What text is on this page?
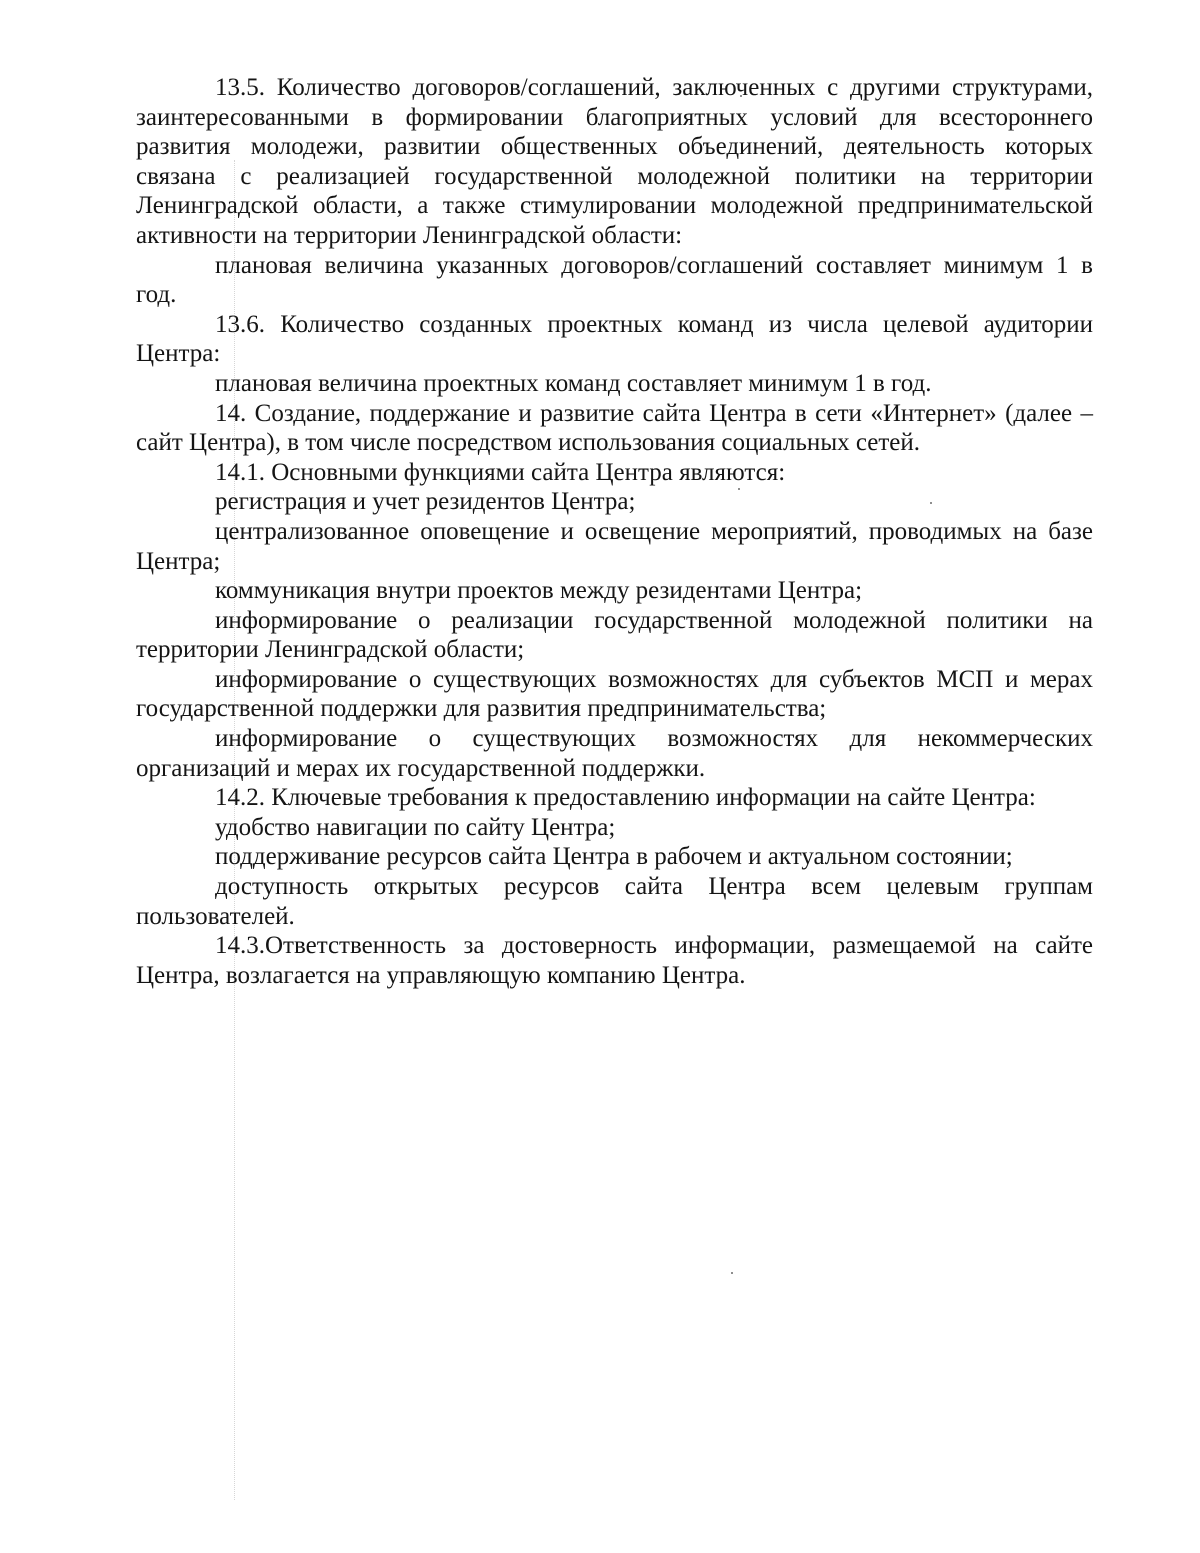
13.5. Количество договоров/соглашений, заключенных с другими структурами, заинтересованными в формировании благоприятных условий для всестороннего развития молодежи, развитии общественных объединений, деятельность которых связана с реализацией государственной молодежной политики на территории Ленинградской области, а также стимулировании молодежной предпринимательской активности на территории Ленинградской области:

плановая величина указанных договоров/соглашений составляет минимум 1 в год.

13.6. Количество созданных проектных команд из числа целевой аудитории Центра:

плановая величина проектных команд составляет минимум 1 в год.

14. Создание, поддержание и развитие сайта Центра в сети «Интернет» (далее – сайт Центра), в том числе посредством использования социальных сетей.

14.1. Основными функциями сайта Центра являются:

регистрация и учет резидентов Центра;

централизованное оповещение и освещение мероприятий, проводимых на базе Центра;

коммуникация внутри проектов между резидентами Центра;

информирование о реализации государственной молодежной политики на территории Ленинградской области;

информирование о существующих возможностях для субъектов МСП и мерах государственной поддержки для развития предпринимательства;

информирование о существующих возможностях для некоммерческих организаций и мерах их государственной поддержки.

14.2. Ключевые требования к предоставлению информации на сайте Центра:

удобство навигации по сайту Центра;

поддерживание ресурсов сайта Центра в рабочем и актуальном состоянии;

доступность открытых ресурсов сайта Центра всем целевым группам пользователей.

14.3.Ответственность за достоверность информации, размещаемой на сайте Центра, возлагается на управляющую компанию Центра.
